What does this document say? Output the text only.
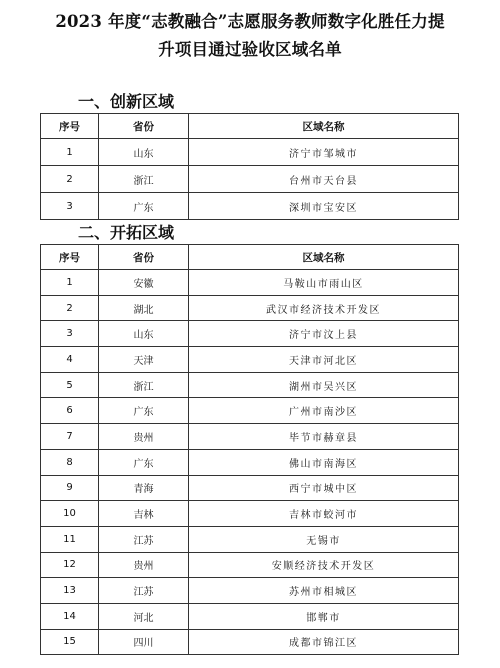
2023 年度“志教融合”志愿服务教师数字化胜任力提
升项目通过验收区域名单
一、创新区域
序号	省份	区域名称
1	山东	济宁市邹城市
2	浙江	台州市天台县
3	广东	深圳市宝安区
二、开拓区域
序号	省份	区域名称
1	安徽	马鞍山市雨山区
2	湖北	武汉市经济技术开发区
3	山东	济宁市汶上县
4	天津	天津市河北区
5	浙江	湖州市吴兴区
6	广东	广州市南沙区
7	贵州	毕节市赫章县
8	广东	佛山市南海区
9	青海	西宁市城中区
10	吉林	吉林市蛟河市
11	江苏	无锡市
12	贵州	安顺经济技术开发区
13	江苏	苏州市相城区
14	河北	邯郸市
15	四川	成都市锦江区
